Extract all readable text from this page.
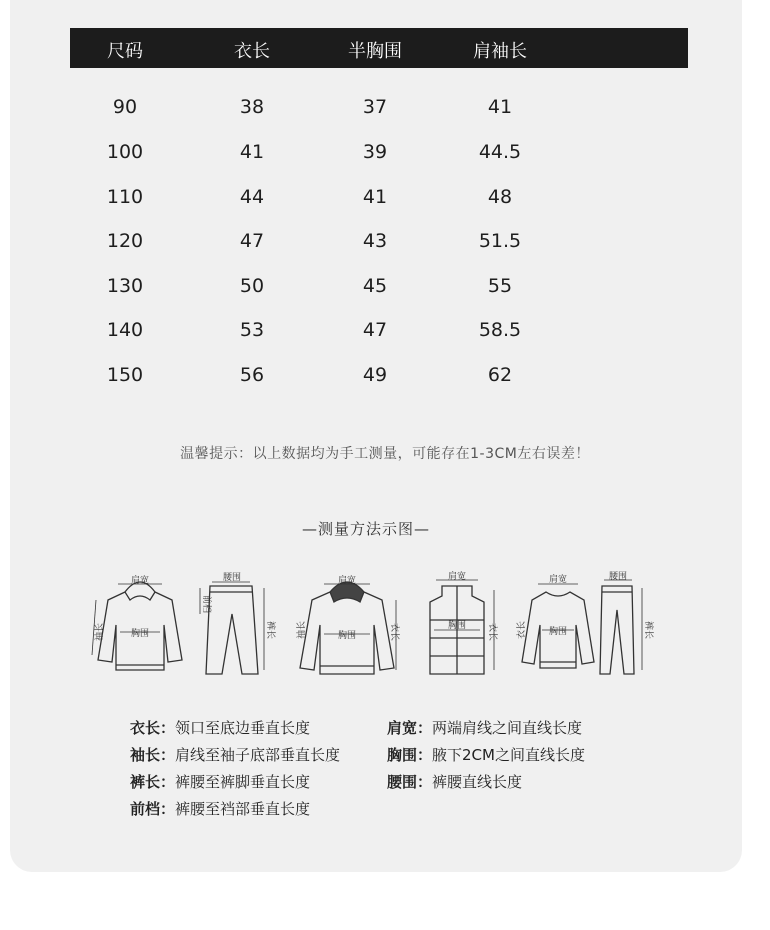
尺码	衣长	半胸围	肩袖长
90	38	37	41
100	41	39	44.5
110	44	41	48
120	47	43	51.5
130	50	45	55
140	53	47	58.5
150	56	49	62
温馨提示：以上数据均为手工测量，可能存在1-3CM左右误差！
—测量方法示图—
肩宽
胸围
袖长
腰围
前档
裤长
肩宽
胸围
袖长	衣长
肩宽
胸围 衣长
肩宽
胸围
衣长
腰围
裤长
衣长：领口至底边垂直长度
袖长：肩线至袖子底部垂直长度
裤长：裤腰至裤脚垂直长度
前档：裤腰至裆部垂直长度
肩宽：两端肩线之间直线长度
胸围：腋下2CM之间直线长度
腰围：裤腰直线长度
